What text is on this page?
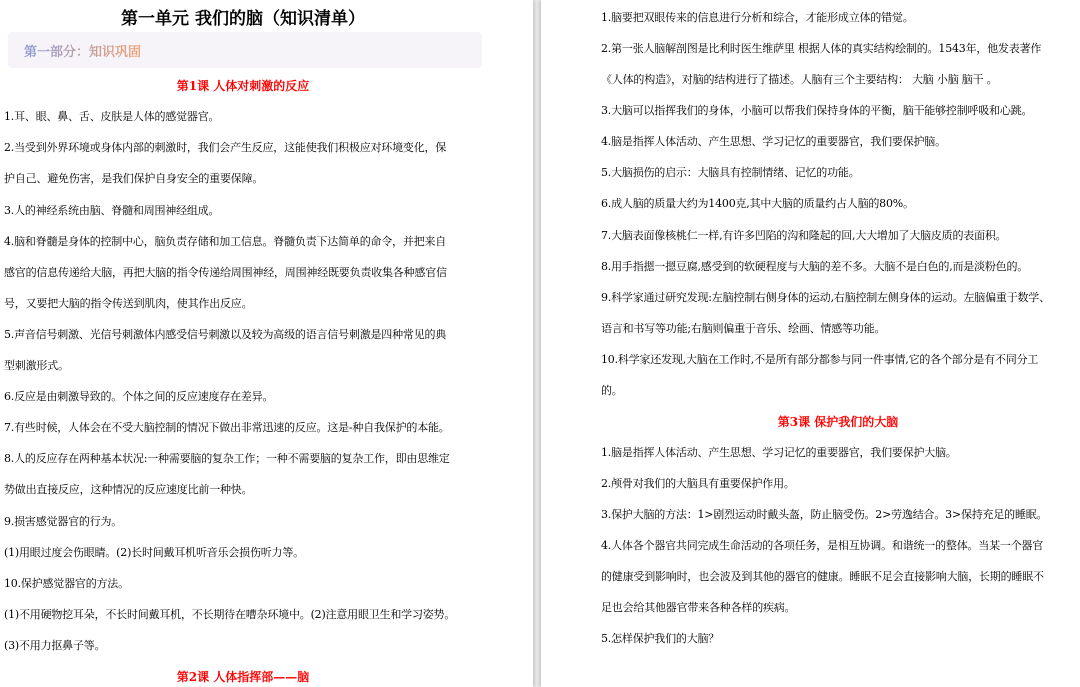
第一单元 我们的脑（知识清单）
第一部分：知识巩固
第1课 人体对刺激的反应
1.耳、眼、鼻、舌、皮肤是人体的感觉器官。
2.当受到外界环境或身体内部的刺激时，我们会产生反应，这能使我们积极应对环境变化，保
护自己、避免伤害，是我们保护自身安全的重要保障。
3.人的神经系统由脑、脊髓和周围神经组成。
4.脑和脊髓是身体的控制中心，脑负责存储和加工信息。脊髓负责下达简单的命令，并把来自
感官的信息传递给大脑，再把大脑的指令传递给周围神经，周围神经既要负责收集各种感官信
号，又要把大脑的指令传送到肌肉，使其作出反应。
5.声音信号刺激、光信号刺激体内感受信号刺激以及较为高级的语言信号刺激是四种常见的典
型刺激形式。
6.反应是由刺激导致的。个体之间的反应速度存在差异。
7.有些时候，人体会在不受大脑控制的情况下做出非常迅速的反应。这是-种自我保护的本能。
8.人的反应存在两种基本状况:一种需要脑的复杂工作；一种不需要脑的复杂工作，即由思维定
势做出直接反应，这种情况的反应速度比前一种快。
9.损害感觉器官的行为。
(1)用眼过度会伤眼睛。(2)长时间戴耳机听音乐会损伤听力等。
10.保护感觉器官的方法。
(1)不用硬物挖耳朵，不长时间戴耳机，不长期待在嘈杂环境中。(2)注意用眼卫生和学习姿势。
(3)不用力抠鼻子等。
第2课 人体指挥部——脑
1.脑要把双眼传来的信息进行分析和综合，才能形成立体的错觉。
2.第一张人脑解剖图是比利时医生维萨里 根据人体的真实结构绘制的。1543年，他发表著作
《人体的构造》，对脑的结构进行了描述。人脑有三个主要结构： 大脑 小脑 脑干 。
3.大脑可以指挥我们的身体，小脑可以帮我们保持身体的平衡，脑干能够控制呼吸和心跳。
4.脑是指挥人体活动、产生思想、学习记忆的重要器官，我们要保护脑。
5.大脑损伤的启示：大脑具有控制情绪、记忆的功能。
6.成人脑的质量大约为1400克,其中大脑的质量约占人脑的80%。
7.大脑表面像核桃仁一样,有许多凹陷的沟和隆起的回,大大增加了大脑皮质的表面积。
8.用手指摁一摁豆腐,感受到的软硬程度与大脑的差不多。大脑不是白色的,而是淡粉色的。
9.科学家通过研究发现:左脑控制右侧身体的运动,右脑控制左侧身体的运动。左脑偏重于数学、
语言和书写等功能;右脑则偏重于音乐、绘画、情感等功能。
10.科学家还发现,大脑在工作时,不是所有部分都参与同一件事情,它的各个部分是有不同分工
的。
第3课 保护我们的大脑
1.脑是指挥人体活动、产生思想、学习记忆的重要器官，我们要保护大脑。
2.颅骨对我们的大脑具有重要保护作用。
3.保护大脑的方法：1>剧烈运动时戴头盔，防止脑受伤。2>劳逸结合。3>保持充足的睡眠。
4.人体各个器官共同完成生命活动的各项任务，是相互协调。和谐统一的整体。当某一个器官
的健康受到影响时，也会波及到其他的器官的健康。睡眠不足会直接影响大脑，长期的睡眠不
足也会给其他器官带来各种各样的疾病。
5.怎样保护我们的大脑？
